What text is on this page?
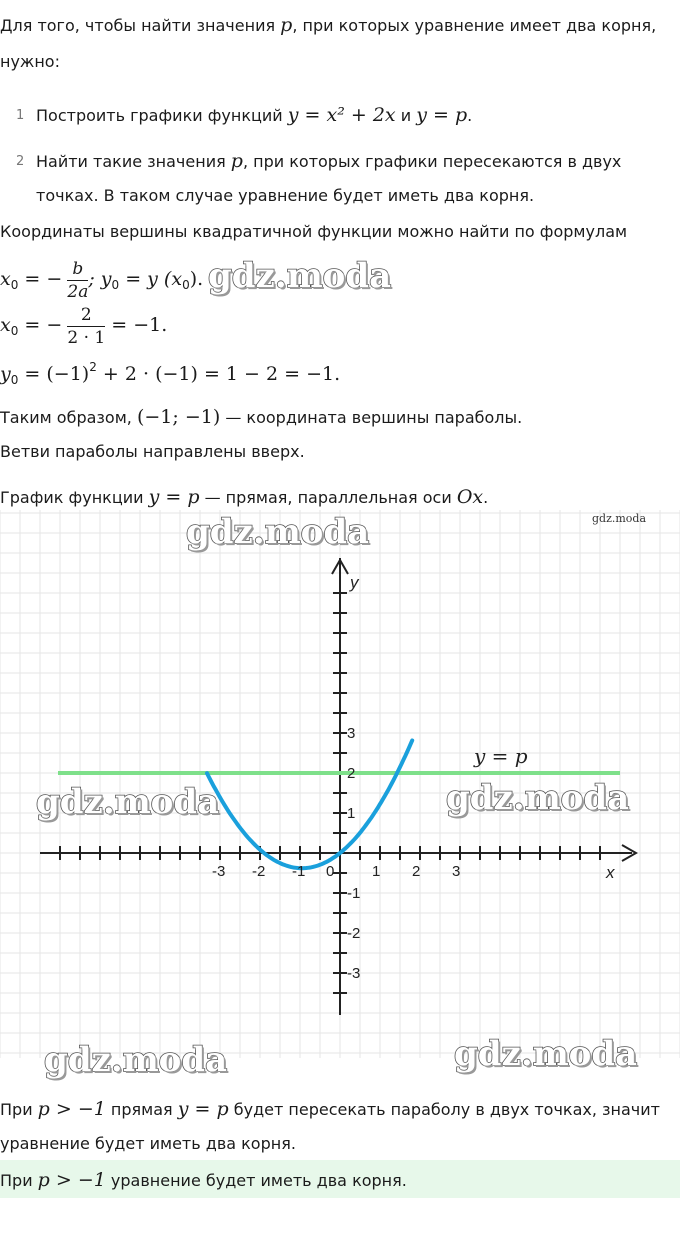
Для того, чтобы найти значения p, при которых уравнение имеет два корня,
нужно:
1 Построить графики функций y = x² + 2x и y = p.
2 Найти такие значения p, при которых графики пересекаются в двух
точках. В таком случае уравнение будет иметь два корня.
Координаты вершины квадратичной функции можно найти по формулам
$x_0$ = − $\frac{b}{2a}$ ; $y_0 = y$ $(x_0)$.
$x_0$ = − $\frac{2}{2 \cdot 1} = -1$.
$y_0 = (-1)^2 + 2 \cdot (-1) = 1 - 2 = -1$.
Таким образом, (−1; −1) — координата вершины параболы.
Ветви параболы направлены вверх.
График функции y = p — прямая, параллельная оси Ox.
gdz.moda
-3 -2 -1 0	1 2 3
3
2
1
-1
-2
-3
y
x
y = p
gdz.moda
gdz.moda	gdz.moda
gdz.moda	gdz.moda
gdz.moda
При p > −1 прямая y = p будет пересекать параболу в двух точках, значит
уравнение будет иметь два корня.
При p > −1 уравнение будет иметь два корня.
